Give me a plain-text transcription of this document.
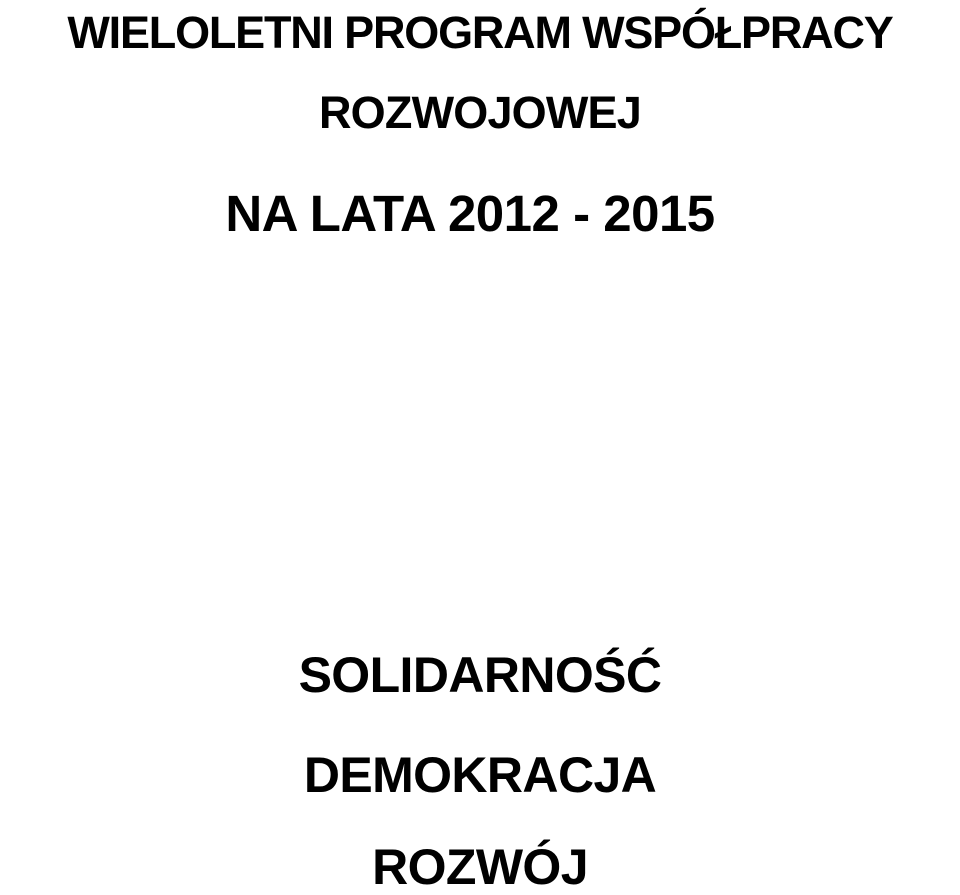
WIELOLETNI PROGRAM WSPÓŁPRACY
ROZWOJOWEJ
NA LATA 2012 - 2015
SOLIDARNOŚĆ
DEMOKRACJA
ROZWÓJ
